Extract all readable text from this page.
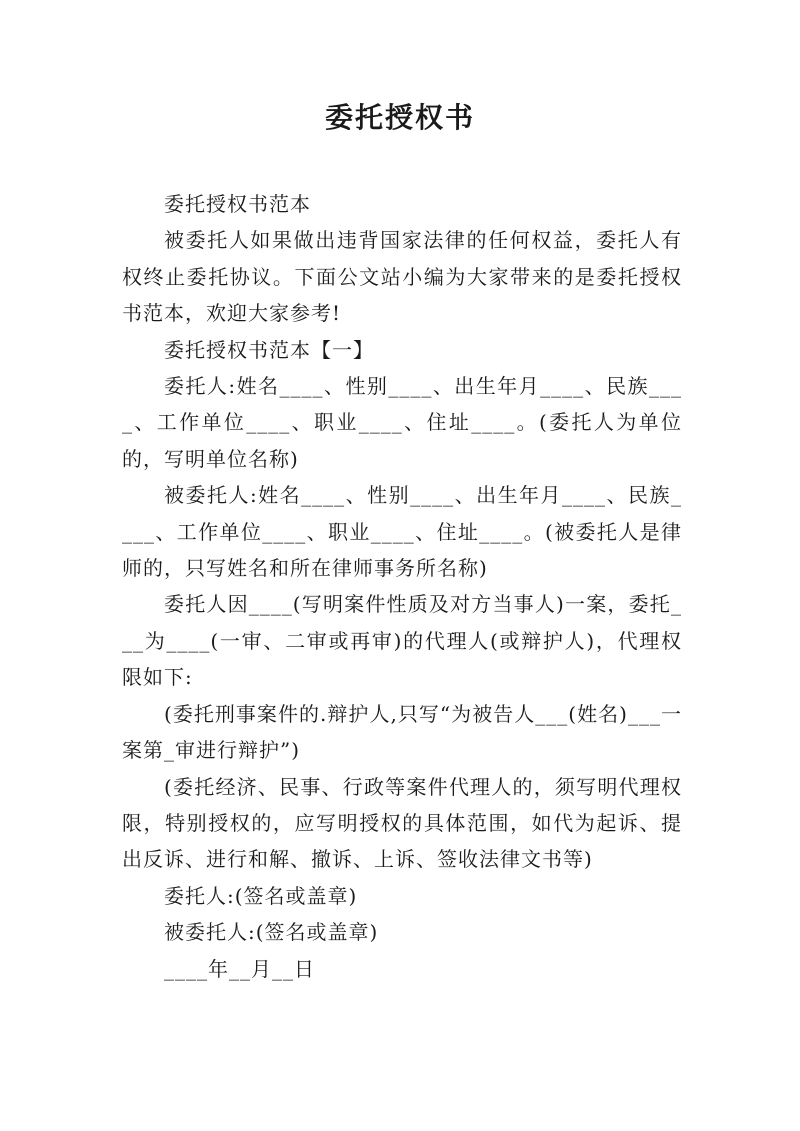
委托授权书

委托授权书范本

被委托人如果做出违背国家法律的任何权益，委托人有权终止委托协议。下面公文站小编为大家带来的是委托授权书范本，欢迎大家参考!

委托授权书范本【一】

委托人:姓名____、性别____、出生年月____、民族____、工作单位____、职业____、住址____。(委托人为单位的，写明单位名称)

被委托人:姓名____、性别____、出生年月____、民族____、工作单位____、职业____、住址____。(被委托人是律师的，只写姓名和所在律师事务所名称)

委托人因____(写明案件性质及对方当事人)一案，委托___为____(一审、二审或再审)的代理人(或辩护人)，代理权限如下:

(委托刑事案件的.辩护人,只写“为被告人___(姓名)___一案第_审进行辩护”)

(委托经济、民事、行政等案件代理人的，须写明代理权限，特别授权的，应写明授权的具体范围，如代为起诉、提出反诉、进行和解、撤诉、上诉、签收法律文书等)

委托人:(签名或盖章)

被委托人:(签名或盖章)

____年__月__日
